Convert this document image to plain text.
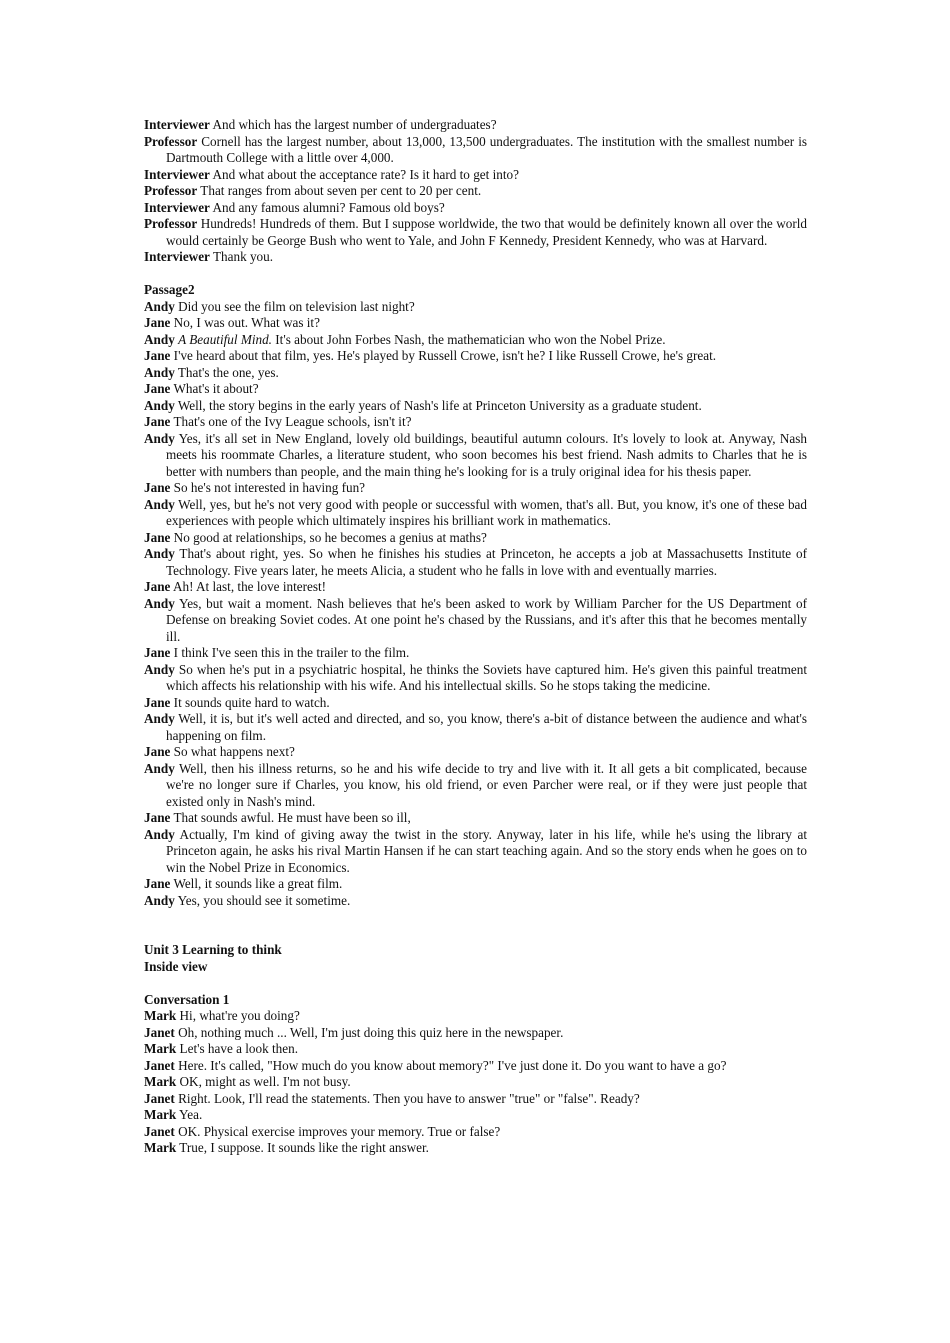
Interviewer And which has the largest number of undergraduates?

Professor Cornell has the largest number, about 13,000, 13,500 undergraduates. The institution with the smallest number is Dartmouth College with a little over 4,000.

Interviewer And what about the acceptance rate? Is it hard to get into?

Professor That ranges from about seven per cent to 20 per cent.

Interviewer And any famous alumni? Famous old boys?

Professor Hundreds! Hundreds of them. But I suppose worldwide, the two that would be definitely known all over the world would certainly be George Bush who went to Yale, and John F Kennedy, President Kennedy, who was at Harvard.

Interviewer Thank you.

Passage2

Andy Did you see the film on television last night?

Jane No, I was out. What was it?

Andy A Beautiful Mind. It's about John Forbes Nash, the mathematician who won the Nobel Prize.

Jane I've heard about that film, yes. He's played by Russell Crowe, isn't he? I like Russell Crowe, he's great.

Andy That's the one, yes.

Jane What's it about?

Andy Well, the story begins in the early years of Nash's life at Princeton University as a graduate student.

Jane That's one of the Ivy League schools, isn't it?

Andy Yes, it's all set in New England, lovely old buildings, beautiful autumn colours. It's lovely to look at. Anyway, Nash meets his roommate Charles, a literature student, who soon becomes his best friend. Nash admits to Charles that he is better with numbers than people, and the main thing he's looking for is a truly original idea for his thesis paper.

Jane So he's not interested in having fun?

Andy Well, yes, but he's not very good with people or successful with women, that's all. But, you know, it's one of these bad experiences with people which ultimately inspires his brilliant work in mathematics.

Jane No good at relationships, so he becomes a genius at maths?

Andy That's about right, yes. So when he finishes his studies at Princeton, he accepts a job at Massachusetts Institute of Technology. Five years later, he meets Alicia, a student who he falls in love with and eventually marries.

Jane Ah! At last, the love interest!

Andy Yes, but wait a moment. Nash believes that he's been asked to work by William Parcher for the US Department of Defense on breaking Soviet codes. At one point he's chased by the Russians, and it's after this that he becomes mentally ill.

Jane I think I've seen this in the trailer to the film.

Andy So when he's put in a psychiatric hospital, he thinks the Soviets have captured him. He's given this painful treatment which affects his relationship with his wife. And his intellectual skills. So he stops taking the medicine.

Jane It sounds quite hard to watch.

Andy Well, it is, but it's well acted and directed, and so, you know, there's a-bit of distance between the audience and what's happening on film.

Jane So what happens next?

Andy Well, then his illness returns, so he and his wife decide to try and live with it. It all gets a bit complicated, because we're no longer sure if Charles, you know, his old friend, or even Parcher were real, or if they were just people that existed only in Nash's mind.

Jane That sounds awful. He must have been so ill,

Andy Actually, I'm kind of giving away the twist in the story. Anyway, later in his life, while he's using the library at Princeton again, he asks his rival Martin Hansen if he can start teaching again. And so the story ends when he goes on to win the Nobel Prize in Economics.

Jane Well, it sounds like a great film.

Andy Yes, you should see it sometime.

Unit 3 Learning to think

Inside view

Conversation 1

Mark Hi, what're you doing?

Janet Oh, nothing much ... Well, I'm just doing this quiz here in the newspaper.

Mark Let's have a look then.

Janet Here. It's called, "How much do you know about memory?" I've just done it. Do you want to have a go?

Mark OK, might as well. I'm not busy.

Janet Right. Look, I'll read the statements. Then you have to answer "true" or "false". Ready?

Mark Yea.

Janet OK. Physical exercise improves your memory. True or false?

Mark True, I suppose. It sounds like the right answer.
